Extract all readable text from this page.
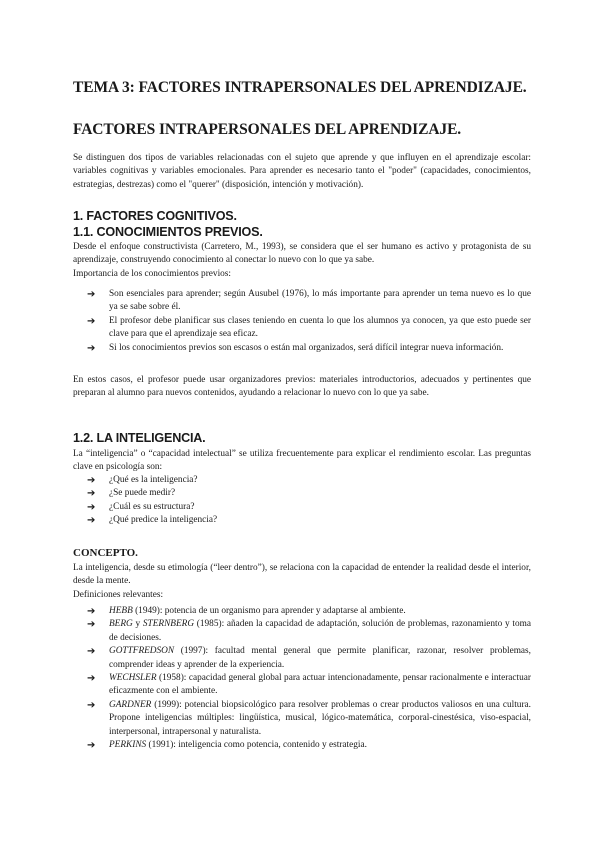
TEMA 3: FACTORES INTRAPERSONALES DEL APRENDIZAJE.
FACTORES INTRAPERSONALES DEL APRENDIZAJE.

Se distinguen dos tipos de variables relacionadas con el sujeto que aprende y que influyen en el aprendizaje escolar: variables cognitivas y variables emocionales. Para aprender es necesario tanto el "poder" (capacidades, conocimientos, estrategias, destrezas) como el "querer" (disposición, intención y motivación).

1. FACTORES COGNITIVOS.
1.1. CONOCIMIENTOS PREVIOS.

Desde el enfoque constructivista (Carretero, M., 1993), se considera que el ser humano es activo y protagonista de su aprendizaje, construyendo conocimiento al conectar lo nuevo con lo que ya sabe.

Importancia de los conocimientos previos:

➔ Son esenciales para aprender; según Ausubel (1976), lo más importante para aprender un tema nuevo es lo que ya se sabe sobre él.
➔ El profesor debe planificar sus clases teniendo en cuenta lo que los alumnos ya conocen, ya que esto puede ser clave para que el aprendizaje sea eficaz.
➔ Si los conocimientos previos son escasos o están mal organizados, será difícil integrar nueva información.

En estos casos, el profesor puede usar organizadores previos: materiales introductorios, adecuados y pertinentes que preparan al alumno para nuevos contenidos, ayudando a relacionar lo nuevo con lo que ya sabe.

1.2. LA INTELIGENCIA.

La “inteligencia” o “capacidad intelectual” se utiliza frecuentemente para explicar el rendimiento escolar. Las preguntas clave en psicología son:

➔ ¿Qué es la inteligencia?
➔ ¿Se puede medir?
➔ ¿Cuál es su estructura?
➔ ¿Qué predice la inteligencia?
CONCEPTO.

La inteligencia, desde su etimología (“leer dentro”), se relaciona con la capacidad de entender la realidad desde el interior, desde la mente.

Definiciones relevantes:

➔ HEBB (1949): potencia de un organismo para aprender y adaptarse al ambiente.
➔ BERG y STERNBERG (1985): añaden la capacidad de adaptación, solución de problemas, razonamiento y toma de decisiones.
➔ GOTTFREDSON (1997): facultad mental general que permite planificar, razonar, resolver problemas, comprender ideas y aprender de la experiencia.
➔ WECHSLER (1958): capacidad general global para actuar intencionadamente, pensar racionalmente e interactuar eficazmente con el ambiente.
➔ GARDNER (1999): potencial biopsicológico para resolver problemas o crear productos valiosos en una cultura. Propone inteligencias múltiples: lingüística, musical, lógico-matemática, corporal-cinestésica, viso-espacial, interpersonal, intrapersonal y naturalista.
➔ PERKINS (1991): inteligencia como potencia, contenido y estrategia.
